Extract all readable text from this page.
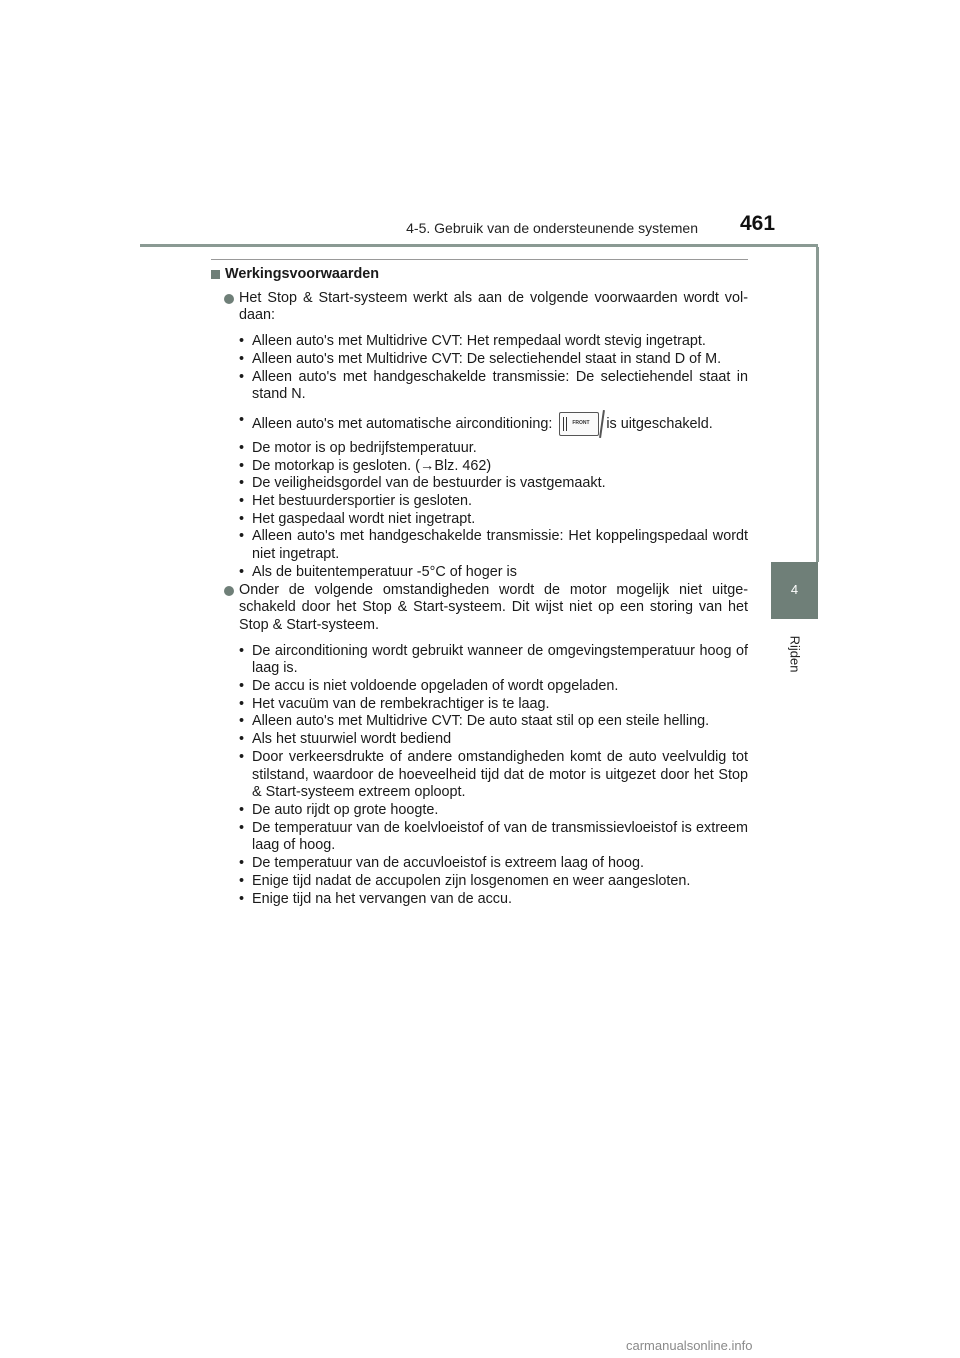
4-5. Gebruik van de ondersteunende systemen 461
4
Rijden
Werkingsvoorwaarden

Het Stop & Start-systeem werkt als aan de volgende voorwaarden wordt vol-daan:

• Alleen auto's met Multidrive CVT: Het rempedaal wordt stevig ingetrapt.
• Alleen auto's met Multidrive CVT: De selectiehendel staat in stand D of M.
• Alleen auto's met handgeschakelde transmissie: De selectiehendel staat in stand N.
• Alleen auto's met automatische airconditioning:	FRONT is uitgeschakeld.
• De motor is op bedrijfstemperatuur.
• De motorkap is gesloten. (→Blz. 462)
• De veiligheidsgordel van de bestuurder is vastgemaakt.
• Het bestuurdersportier is gesloten.
• Het gaspedaal wordt niet ingetrapt.
• Alleen auto's met handgeschakelde transmissie: Het koppelingspedaal wordt niet ingetrapt.
• Als de buitentemperatuur -5°C of hoger is

Onder de volgende omstandigheden wordt de motor mogelijk niet uitge-schakeld door het Stop & Start-systeem. Dit wijst niet op een storing van het Stop & Start-systeem.

• De airconditioning wordt gebruikt wanneer de omgevingstemperatuur hoog of laag is.
• De accu is niet voldoende opgeladen of wordt opgeladen.
• Het vacuüm van de rembekrachtiger is te laag.
• Alleen auto's met Multidrive CVT: De auto staat stil op een steile helling.
• Als het stuurwiel wordt bediend
• Door verkeersdrukte of andere omstandigheden komt de auto veelvuldig tot stilstand, waardoor de hoeveelheid tijd dat de motor is uitgezet door het Stop & Start-systeem extreem oploopt.
• De auto rijdt op grote hoogte.
• De temperatuur van de koelvloeistof of van de transmissievloeistof is extreem laag of hoog.
• De temperatuur van de accuvloeistof is extreem laag of hoog.
• Enige tijd nadat de accupolen zijn losgenomen en weer aangesloten.
• Enige tijd na het vervangen van de accu.
carmanualsonline.info
